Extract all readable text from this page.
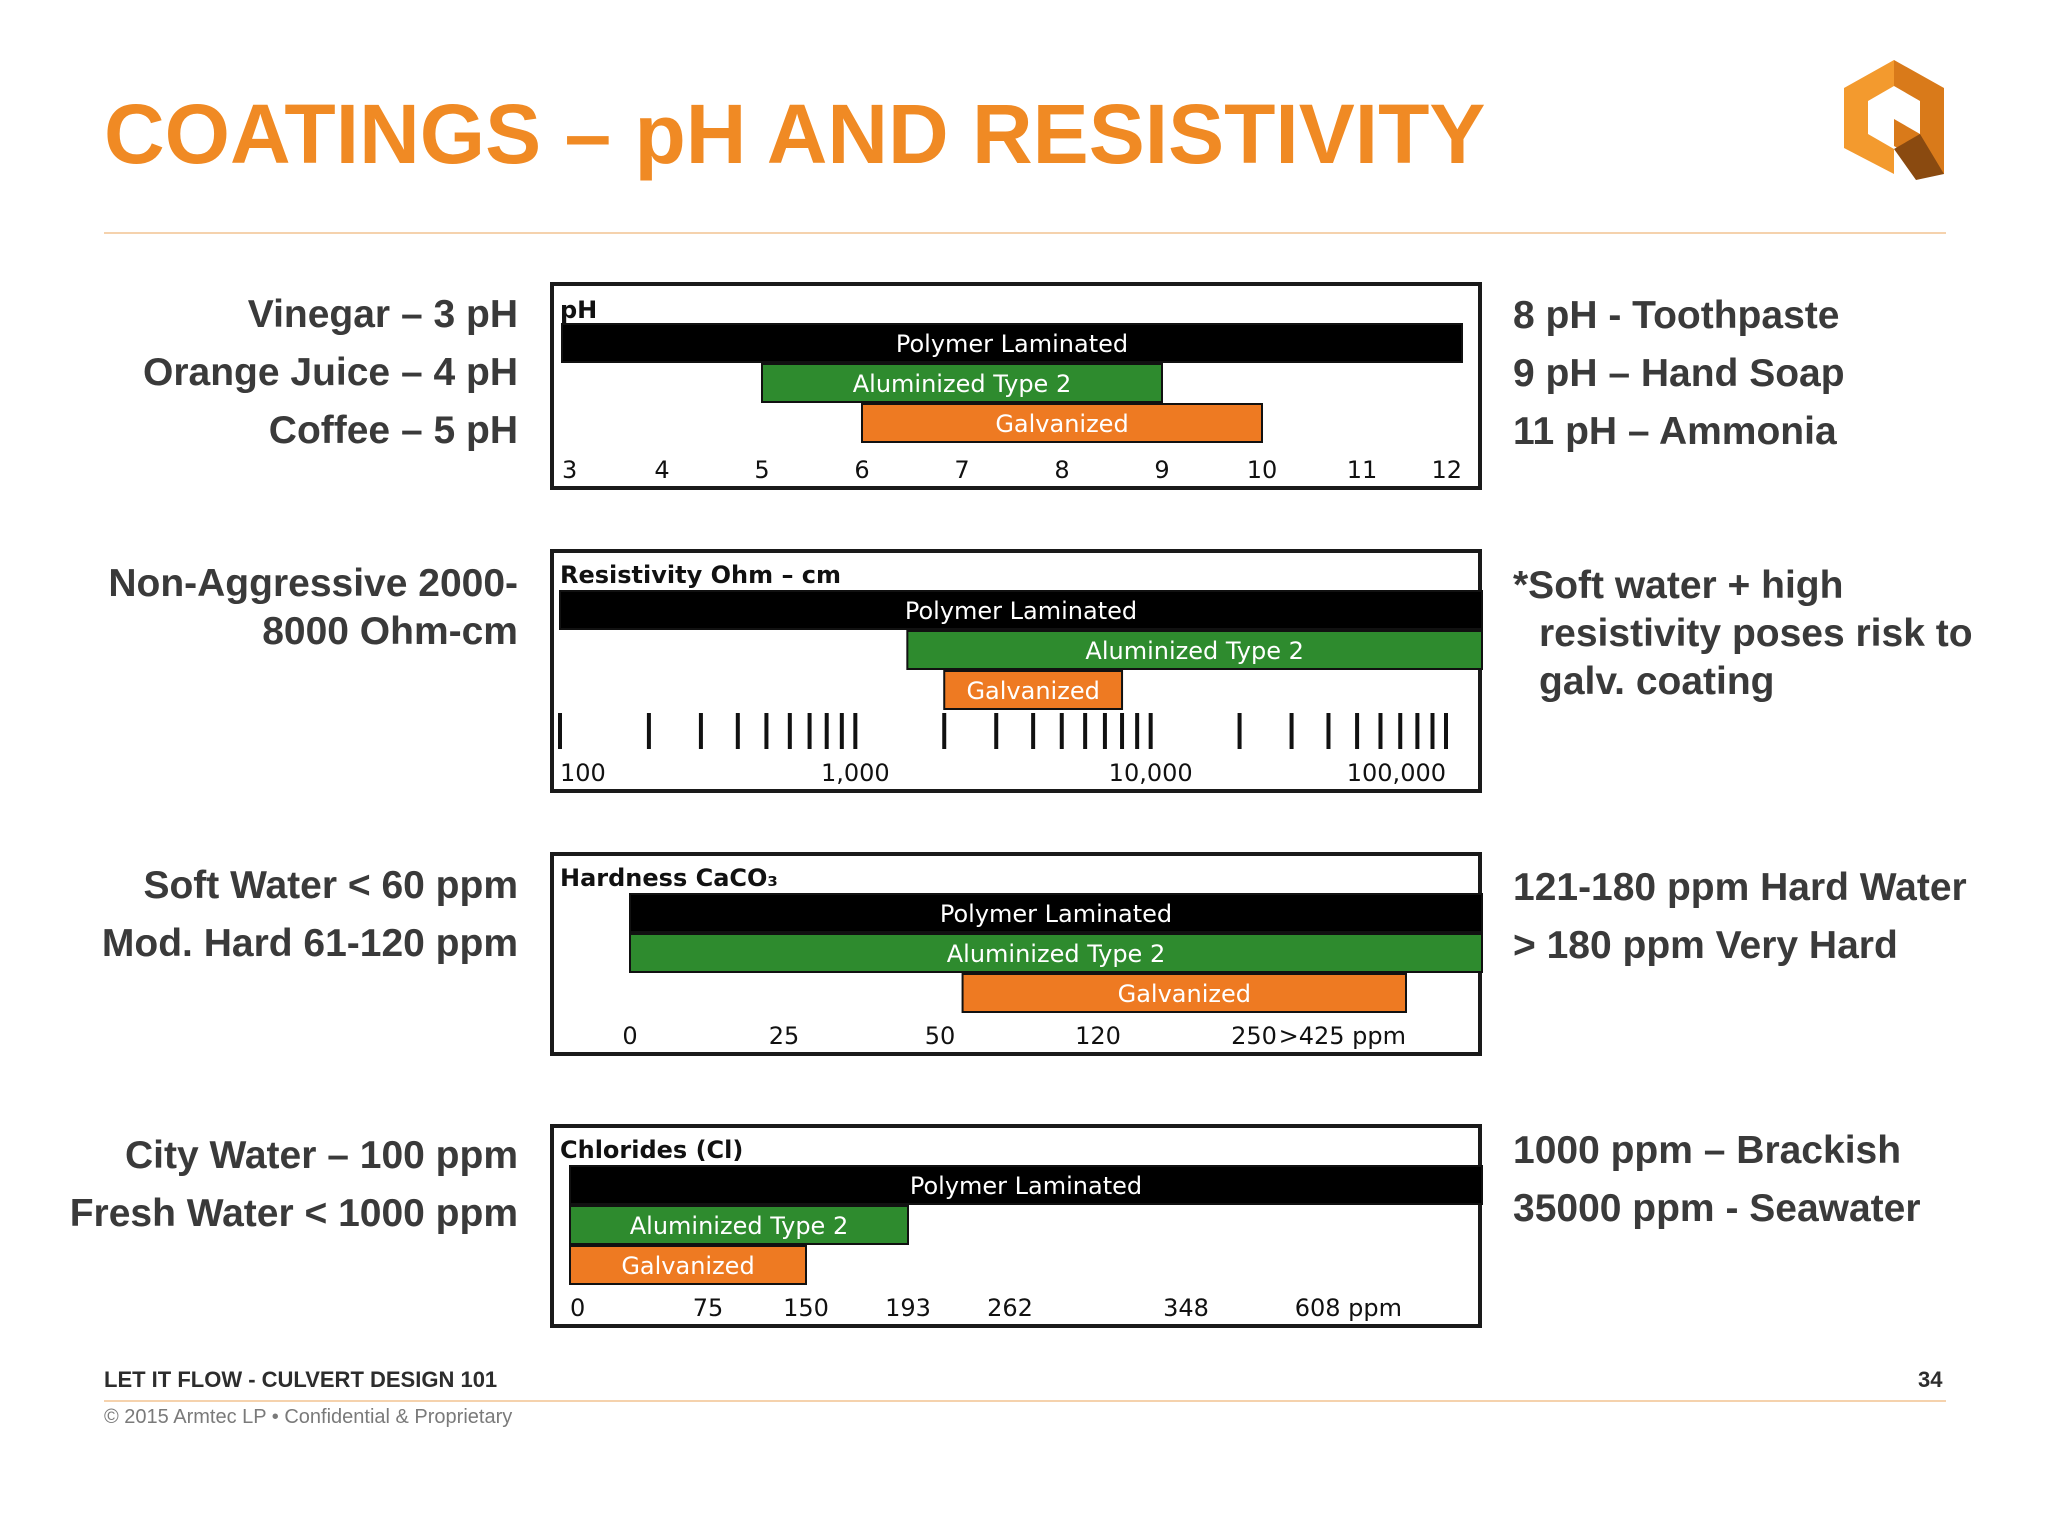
COATINGS – pH AND RESISTIVITY
Vinegar – 3 pH
Orange Juice – 4 pH
Coffee – 5 pH
8 pH - Toothpaste
9 pH – Hand Soap
11 pH – Ammonia
pH
Polymer Laminated
Aluminized Type 2
Galvanized
3	4	5	6	7	8	9	10	11 12
Non-Aggressive 2000-
8000 Ohm-cm
*Soft water + high
resistivity poses risk to
galv. coating
Resistivity Ohm – cm
Polymer Laminated
Aluminized Type 2
Galvanized
100	1,000	10,000	100,000
Soft Water < 60 ppm
Mod. Hard 61-120 ppm
121-180 ppm Hard Water
> 180 ppm Very Hard
Hardness CaCO₃
Polymer Laminated
Aluminized Type 2
Galvanized
0	25	50	120	250 >425 ppm
City Water – 100 ppm
Fresh Water < 1000 ppm
1000 ppm – Brackish
35000 ppm - Seawater
Chlorides (Cl)
Polymer Laminated
Aluminized Type 2
Galvanized
0	75 150 193 262	348	608 ppm
LET IT FLOW - CULVERT DESIGN 101	34
© 2015 Armtec LP • Confidential & Proprietary
